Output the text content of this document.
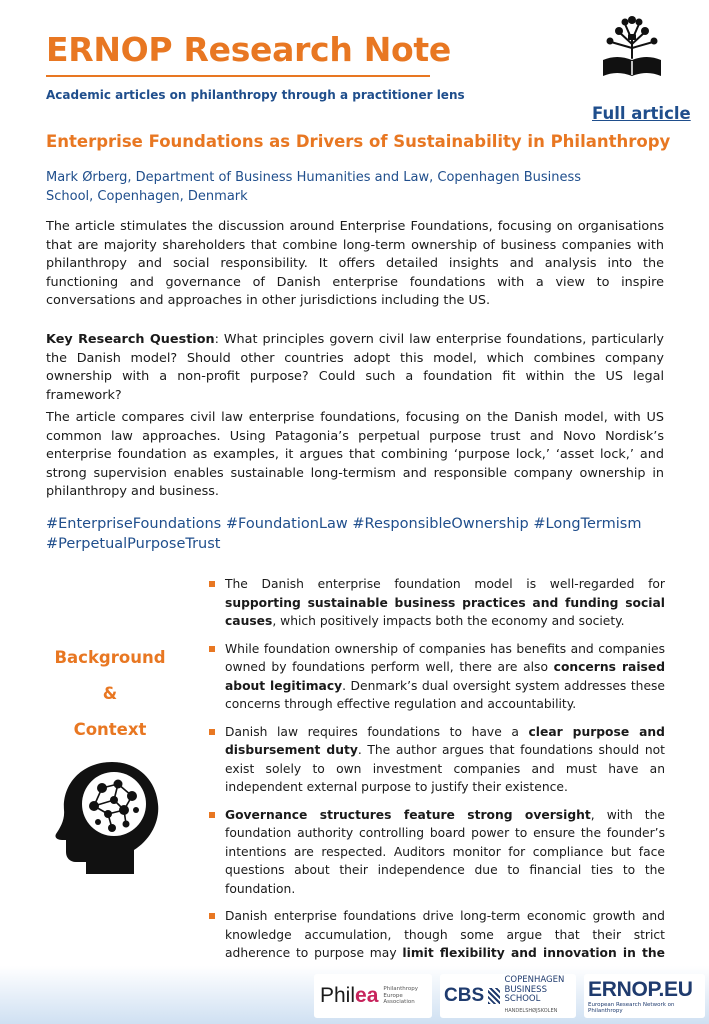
ERNOP Research Note
Academic articles on philanthropy through a practitioner lens
Full article
Enterprise Foundations as Drivers of Sustainability in Philanthropy
Mark Ørberg, Department of Business Humanities and Law, Copenhagen Business School, Copenhagen, Denmark

The article stimulates the discussion around Enterprise Foundations, focusing on organisations that are majority shareholders that combine long-term ownership of business companies with philanthropy and social responsibility. It offers detailed insights and analysis into the functioning and governance of Danish enterprise foundations with a view to inspire conversations and approaches in other jurisdictions including the US.

Key Research Question: What principles govern civil law enterprise foundations, particularly the Danish model? Should other countries adopt this model, which combines company ownership with a non-profit purpose? Could such a foundation fit within the US legal framework?

The article compares civil law enterprise foundations, focusing on the Danish model, with US common law approaches. Using Patagonia’s perpetual purpose trust and Novo Nordisk’s enterprise foundation as examples, it argues that combining ‘purpose lock,’ ‘asset lock,’ and strong supervision enables sustainable long-termism and responsible company ownership in philanthropy and business.

#EnterpriseFoundations #FoundationLaw #ResponsibleOwnership #LongTermism
#PerpetualPurposeTrust
Background
&
Context
The Danish enterprise foundation model is well-regarded for supporting sustainable business practices and funding social causes, which positively impacts both the economy and society.
While foundation ownership of companies has benefits and companies owned by foundations perform well, there are also concerns raised about legitimacy. Denmark’s dual oversight system addresses these concerns through effective regulation and accountability.
Danish law requires foundations to have a clear purpose and disbursement duty. The author argues that foundations should not exist solely to own investment companies and must have an independent external purpose to justify their existence.
Governance structures feature strong oversight, with the foundation authority controlling board power to ensure the founder’s intentions are respected. Auditors monitor for compliance but face questions about their independence due to financial ties to the foundation.
Danish enterprise foundations drive long-term economic growth and knowledge accumulation, though some argue that their strict adherence to purpose may limit flexibility and innovation in the
Philea Philanthropy Europe Association	CBS
COPENHAGEN
BUSINESS SCHOOL
HANDELSHØJSKOLEN
ERNOP.EU
European Research Network on Philanthropy
